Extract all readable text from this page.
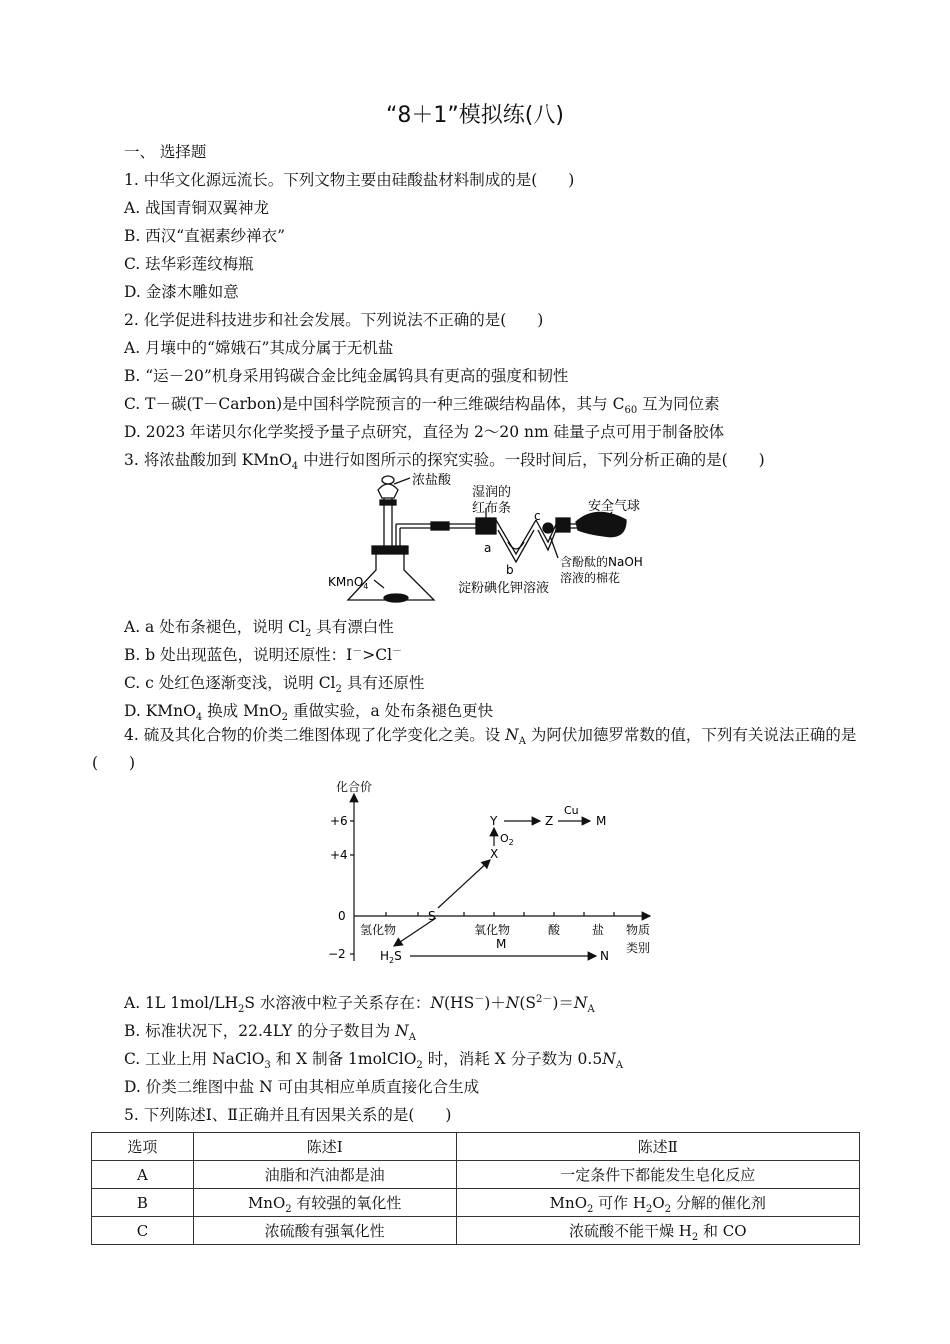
“8＋1”模拟练(八)
一、 选择题
1. 中华文化源远流长。下列文物主要由硅酸盐材料制成的是(　　)
A. 战国青铜双翼神龙
B. 西汉“直裾素纱禅衣”
C. 珐华彩莲纹梅瓶
D. 金漆木雕如意
2. 化学促进科技进步和社会发展。下列说法不正确的是(　　)
A. 月壤中的“嫦娥石”其成分属于无机盐
B. “运－20”机身采用钨碳合金比纯金属钨具有更高的强度和韧性
C. T－碳(T－Carbon)是中国科学院预言的一种三维碳结构晶体，其与 $C_{60}$ 互为同位素
D. 2023 年诺贝尔化学奖授予量子点研究，直径为 2～20 nm 硅量子点可用于制备胶体
3. 将浓盐酸加到 KMnO$_4$ 中进行如图所示的探究实验。一段时间后，下列分析正确的是(　　)
浓盐酸
湿润的
红布条	安全气球
KMnO$_4$
含酚酞的NaOH
溶液的棉花
淀粉碘化钾溶液
a
b
c
A. a 处布条褪色，说明 $Cl_2$ 具有漂白性
B. b 处出现蓝色，说明还原性：I－>Cl－
C. c 处红色逐渐变浅，说明 $Cl_2$ 具有还原性
D. KMnO$_4$ 换成 MnO$_2$ 重做实验，a 处布条褪色更快
4. 硫及其化合物的价类二维图体现了化学变化之美。设 $N_A$ 为阿伏加德罗常数的值，下列有关说法正确的是(　　)
化合价
+6
+4
0
−2
氢化物	氧化物	酸	盐 物质
类别
S
X
Y	Z	M
M
N
$H_2S$
$O_2$
Cu
A. 1L $1mol/LH_2S$ 水溶液中粒子关系存在：$N(HS^-)+N(S^{2-})=N_A$
B. 标准状况下，22.4LY 的分子数目为 $N_A$
C. 工业上用 NaClO$_3$ 和 X 制备 1molClO$_2$ 时，消耗 X 分子数为 $0.5N_A$
D. 价类二维图中盐 N 可由其相应单质直接化合生成
5. 下列陈述Ⅰ、Ⅱ正确并且有因果关系的是(　　)
选项	陈述Ⅰ	陈述Ⅱ
A	油脂和汽油都是油	一定条件下都能发生皂化反应
B	MnO$_2$ 有较强的氧化性	MnO$_2$ 可作 $H_2O_2$ 分解的催化剂
C	浓硫酸有强氧化性	浓硫酸不能干燥 $H_2$ 和 CO
